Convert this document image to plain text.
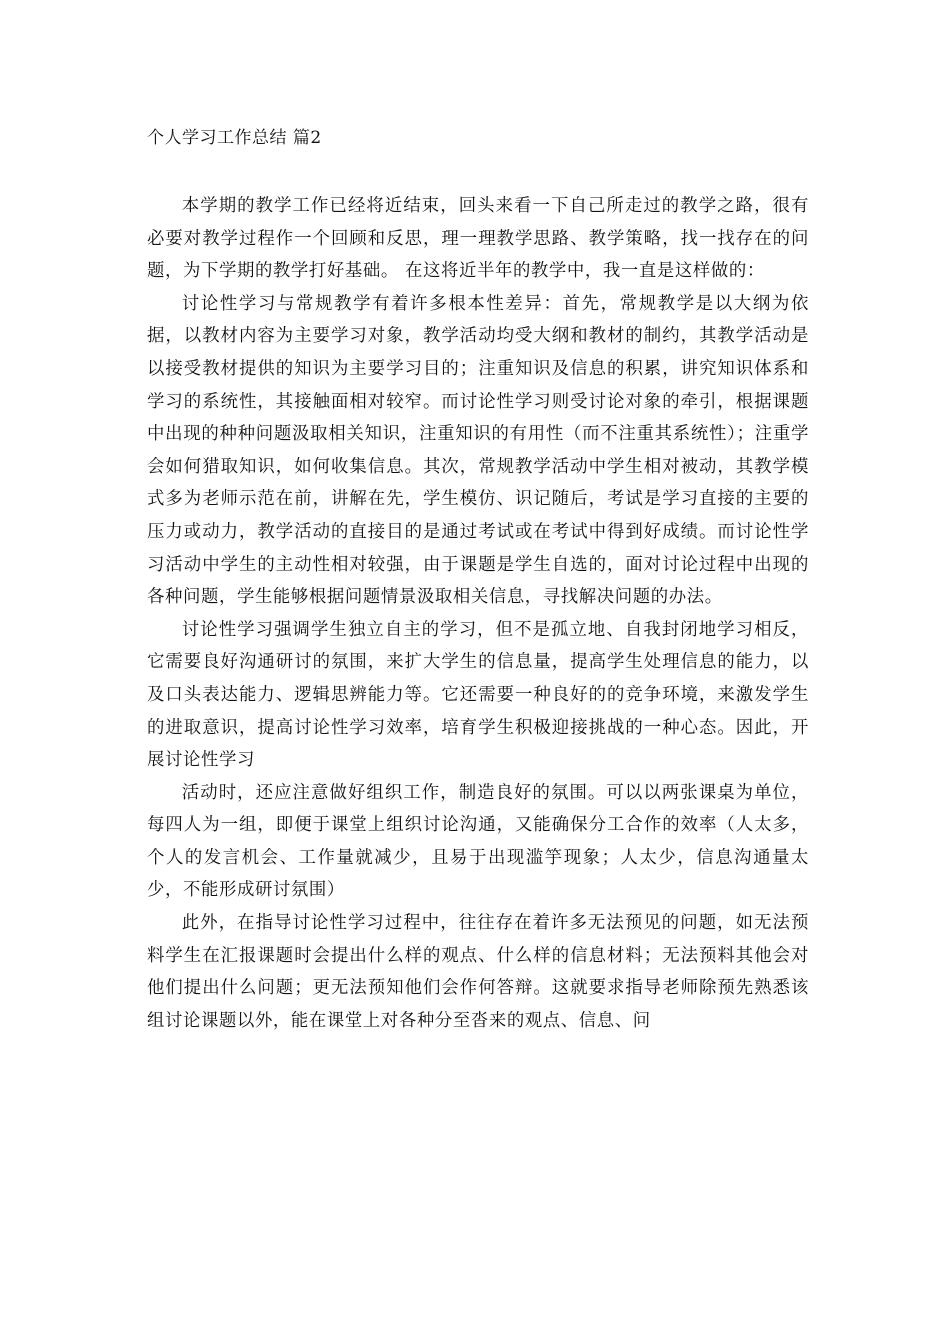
个人学习工作总结 篇2

本学期的教学工作已经将近结束，回头来看一下自己所走过的教学之路，很有必要对教学过程作一个回顾和反思，理一理教学思路、教学策略，找一找存在的问题，为下学期的教学打好基础。 在这将近半年的教学中，我一直是这样做的：

讨论性学习与常规教学有着许多根本性差异：首先，常规教学是以大纲为依据，以教材内容为主要学习对象，教学活动均受大纲和教材的制约，其教学活动是以接受教材提供的知识为主要学习目的；注重知识及信息的积累，讲究知识体系和学习的系统性，其接触面相对较窄。而讨论性学习则受讨论对象的牵引，根据课题中出现的种种问题汲取相关知识，注重知识的有用性（而不注重其系统性）；注重学会如何猎取知识，如何收集信息。其次，常规教学活动中学生相对被动，其教学模式多为老师示范在前，讲解在先，学生模仿、识记随后，考试是学习直接的主要的压力或动力，教学活动的直接目的是通过考试或在考试中得到好成绩。而讨论性学习活动中学生的主动性相对较强，由于课题是学生自选的，面对讨论过程中出现的各种问题，学生能够根据问题情景汲取相关信息，寻找解决问题的办法。

讨论性学习强调学生独立自主的学习，但不是孤立地、自我封闭地学习相反，它需要良好沟通研讨的氛围，来扩大学生的信息量，提高学生处理信息的能力，以及口头表达能力、逻辑思辨能力等。它还需要一种良好的的竞争环境，来激发学生的进取意识，提高讨论性学习效率，培育学生积极迎接挑战的一种心态。因此，开展讨论性学习

活动时，还应注意做好组织工作，制造良好的氛围。可以以两张课桌为单位，每四人为一组，即便于课堂上组织讨论沟通，又能确保分工合作的效率（人太多，个人的发言机会、工作量就减少，且易于出现滥竽现象；人太少，信息沟通量太少，不能形成研讨氛围）

此外，在指导讨论性学习过程中，往往存在着许多无法预见的问题，如无法预料学生在汇报课题时会提出什么样的观点、什么样的信息材料；无法预料其他会对他们提出什么问题；更无法预知他们会作何答辩。这就要求指导老师除预先熟悉该组讨论课题以外，能在课堂上对各种分至沓来的观点、信息、问
